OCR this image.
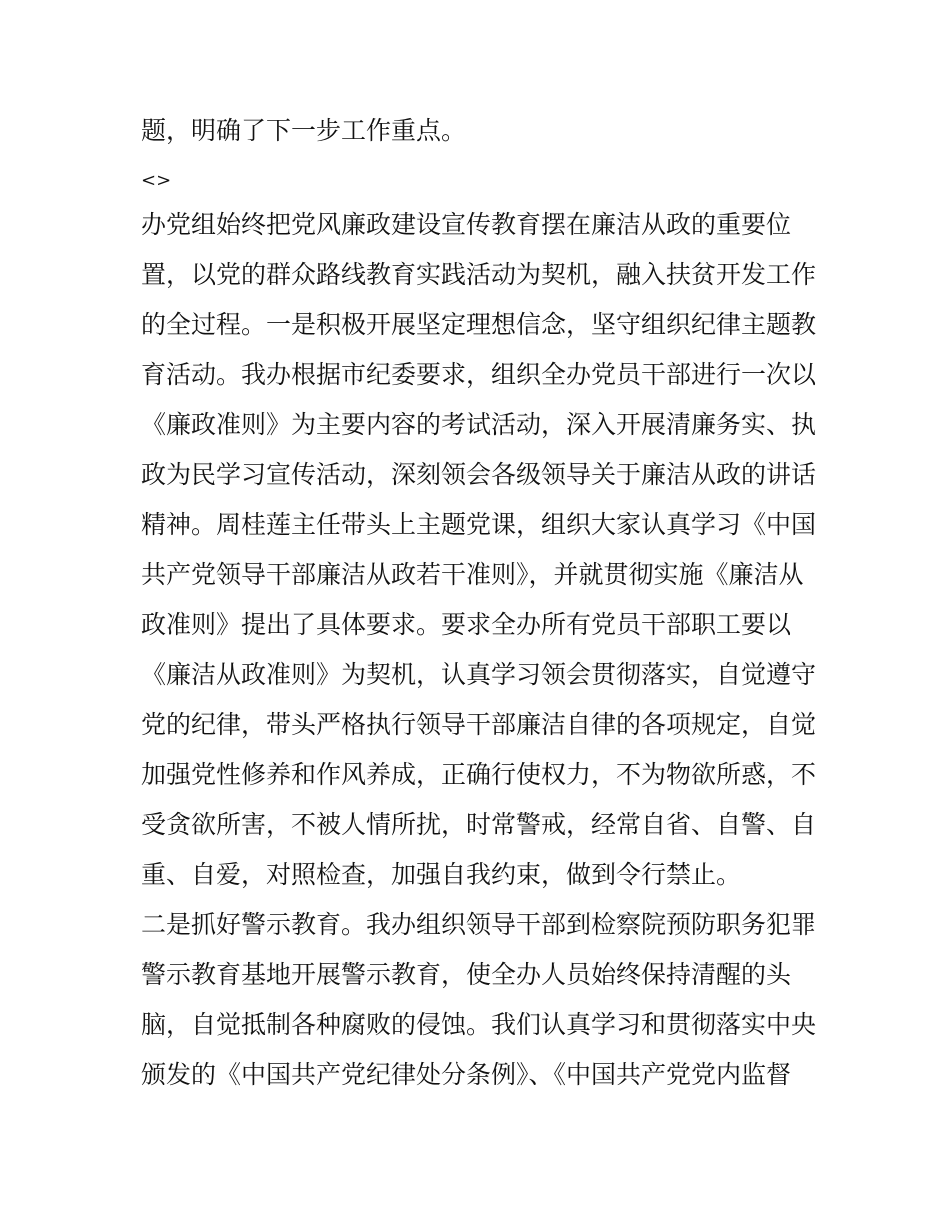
题，明确了下一步工作重点。
<>
办党组始终把党风廉政建设宣传教育摆在廉洁从政的重要位
置，以党的群众路线教育实践活动为契机，融入扶贫开发工作
的全过程。一是积极开展坚定理想信念，坚守组织纪律主题教
育活动。我办根据市纪委要求，组织全办党员干部进行一次以
《廉政准则》为主要内容的考试活动，深入开展清廉务实、执
政为民学习宣传活动，深刻领会各级领导关于廉洁从政的讲话
精神。周桂莲主任带头上主题党课，组织大家认真学习《中国
共产党领导干部廉洁从政若干准则》，并就贯彻实施《廉洁从
政准则》提出了具体要求。要求全办所有党员干部职工要以
《廉洁从政准则》为契机，认真学习领会贯彻落实，自觉遵守
党的纪律，带头严格执行领导干部廉洁自律的各项规定，自觉
加强党性修养和作风养成，正确行使权力，不为物欲所惑，不
受贪欲所害，不被人情所扰，时常警戒，经常自省、自警、自
重、自爱，对照检查，加强自我约束，做到令行禁止。
二是抓好警示教育。我办组织领导干部到检察院预防职务犯罪
警示教育基地开展警示教育，使全办人员始终保持清醒的头
脑，自觉抵制各种腐败的侵蚀。我们认真学习和贯彻落实中央
颁发的《中国共产党纪律处分条例》、《中国共产党党内监督
